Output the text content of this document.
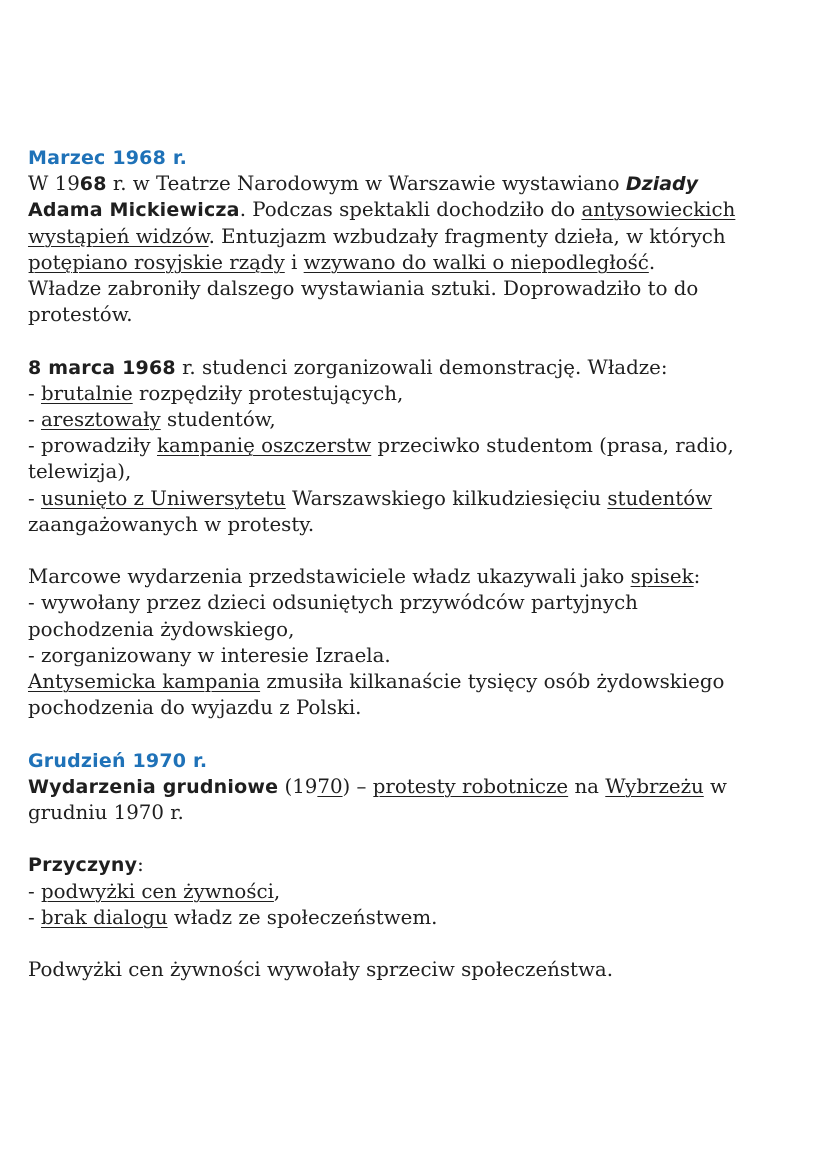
Marzec 1968 r.

W 1968 r. w Teatrze Narodowym w Warszawie wystawiano Dziady

Adama Mickiewicza. Podczas spektakli dochodziło do antysowieckich

wystąpień widzów. Entuzjazm wzbudzały fragmenty dzieła, w których

potępiano rosyjskie rządy i wzywano do walki o niepodległość.

Władze zabroniły dalszego wystawiania sztuki. Doprowadziło to do

protestów.

8 marca 1968 r. studenci zorganizowali demonstrację. Władze:

- brutalnie rozpędziły protestujących,

- aresztowały studentów,

- prowadziły kampanię oszczerstw przeciwko studentom (prasa, radio,

telewizja),

- usunięto z Uniwersytetu Warszawskiego kilkudziesięciu studentów

zaangażowanych w protesty.

Marcowe wydarzenia przedstawiciele władz ukazywali jako spisek:

- wywołany przez dzieci odsuniętych przywódców partyjnych

pochodzenia żydowskiego,

- zorganizowany w interesie Izraela.

Antysemicka kampania zmusiła kilkanaście tysięcy osób żydowskiego

pochodzenia do wyjazdu z Polski.

Grudzień 1970 r.

Wydarzenia grudniowe (1970) – protesty robotnicze na Wybrzeżu w

grudniu 1970 r.

Przyczyny:

- podwyżki cen żywności,

- brak dialogu władz ze społeczeństwem.

Podwyżki cen żywności wywołały sprzeciw społeczeństwa.
